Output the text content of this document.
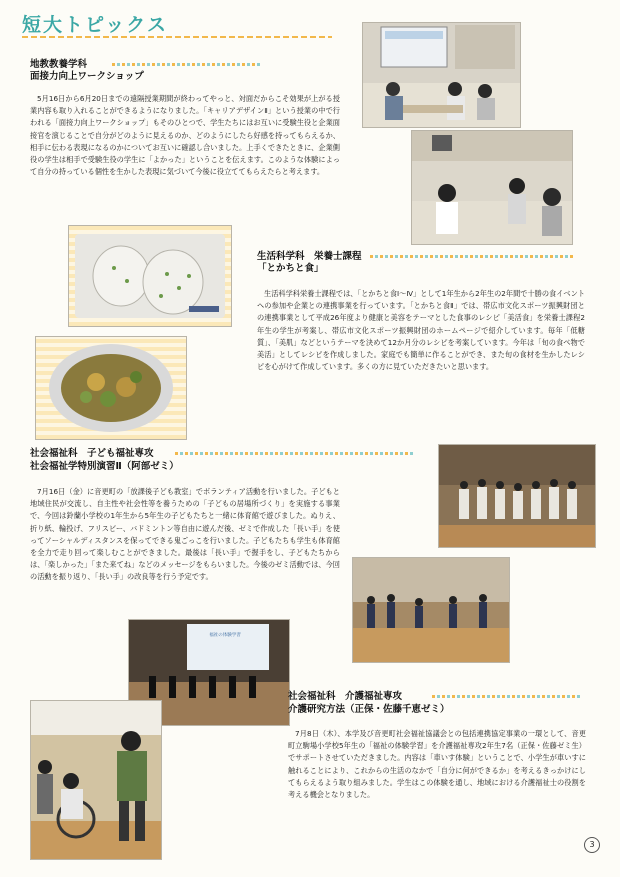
短大トピックス
地教教養学科
面接力向上ワークショップ
5月16日から6月20日までの遠隔授業期間が終わってやっと、対面だからこそ効果が上がる授業内容も取り入れることができるようになりました。「キャリアデザインⅡ」という授業の中で行われる「面接力向上ワークショップ」もそのひとつで、学生たちにはお互いに受験生役と企業面接官を演じることで自分がどのように見えるのか、どのようにしたら好感を持ってもらえるか、相手に伝わる表現になるのかについてお互いに確認し合いました。上手くできたときに、企業側役の学生は相手で受験生役の学生に「よかった」ということを伝えます。このような体験によって自分の持っている個性を生かした表現に気づいて今後に役立ててもらえたらと考えます。
生活科学科　栄養士課程
「とかちと食」
生活科学科栄養士課程では、「とかちと食Ⅰ〜Ⅳ」として1年生から2年生の2年間で十勝の食イベントへの参加や企業との連携事業を行っています。「とかちと食Ⅱ」では、帯広市文化スポーツ振興財団との連携事業として平成26年度より健康と美容をテーマとした食事のレシピ「美活食」を栄養士課程2年生の学生が考案し、帯広市文化スポーツ振興財団のホームページで紹介しています。毎年「低糖質」、「美肌」などというテーマを決めて12か月分のレシピを考案しています。今年は「旬の食べ物で美活」としてレシピを作成しました。家庭でも簡単に作ることができ、また旬の食材を生かしたレシピを心がけて作成しています。多くの方に見ていただきたいと思います。
社会福祉科　子ども福祉専攻
社会福祉学特別演習Ⅱ（阿部ゼミ）
7月16日（金）に音更町の「放課後子ども教室」でボランティア活動を行いました。子どもと地域住民が交流し、自主性や社会性等を養うための「子どもの居場所づくり」を実施する事業で、今回は鈴蘭小学校の1年生から5年生の子どもたちと一緒に体育館で遊びました。ぬりえ、折り紙、輪投げ、フリスビー、バドミントン等自由に遊んだ後、ゼミで作成した「長い手」を使ってソーシャルディスタンスを保ってできる鬼ごっこを行いました。子どもたちも学生も体育館を全力で走り回って楽しむことができました。最後は「長い手」で握手をし、子どもたちからは、「楽しかった」「また来てね」などのメッセージをもらいました。今後のゼミ活動では、今回の活動を振り返り、「長い手」の改良等を行う予定です。
福祉の体験学習
社会福祉科　介護福祉専攻
介護研究方法（正保・佐藤千恵ゼミ）
7月8日（木）、本学及び音更町社会福祉協議会との包括連携協定事業の一環として、音更町立駒場小学校5年生の「福祉の体験学習」を介護福祉専攻2年生7名（正保・佐藤ゼミ生）でサポートさせていただきました。内容は「車いす体験」ということで、小学生が車いすに触れることにより、これからの生活のなかで「自分に何ができるか」を考えるきっかけにしてもらえるよう取り組みました。学生はこの体験を通し、地域における介護福祉士の役割を考える機会となりました。
3
